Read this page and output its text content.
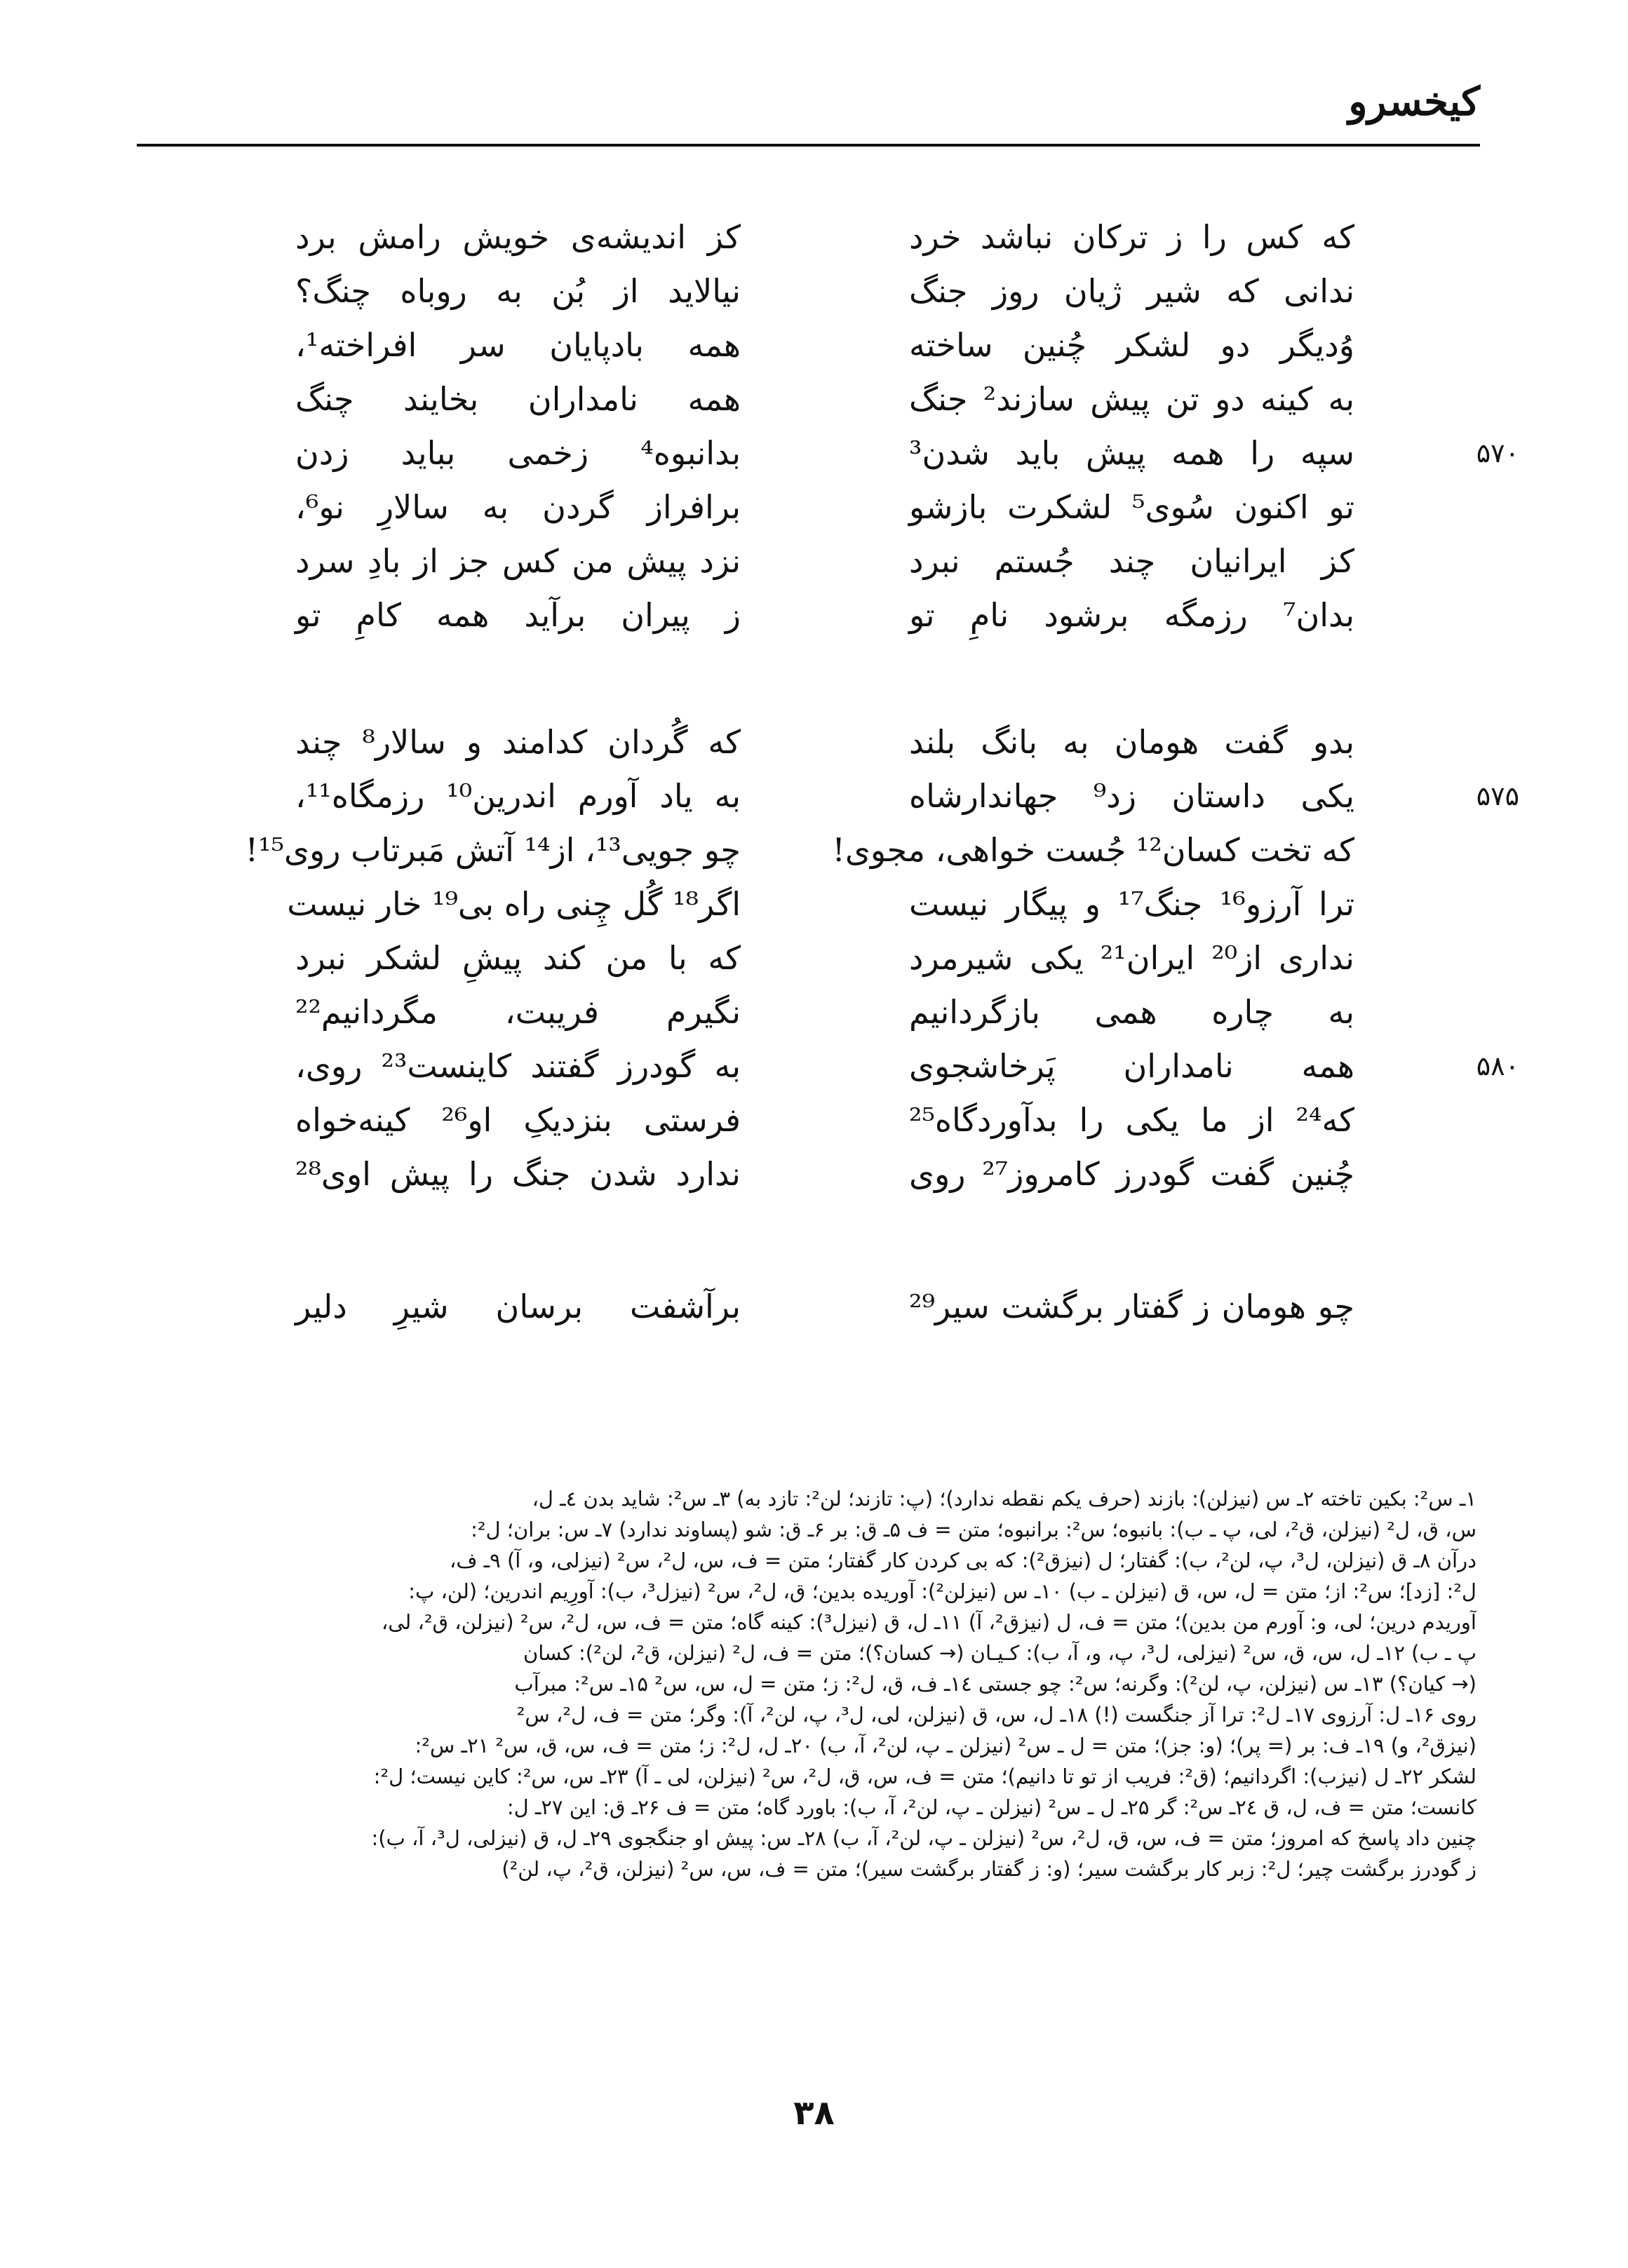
کیخسرو
که کس را ز ترکان نباشد خرد
کز اندیشه‌ی خویش رامش برد
ندانی که شیر ژیان روز جنگ
نیالاید از بُن به روباه چنگ؟
وُدیگر دو لشکر چُنین ساخته
همه بادپایان سر افراخته¹،
به کینه دو تن پیش سازند² جنگ
همه نامداران بخایند چنگ
۵۷۰
سپه را همه پیش باید شدن³
بدانبوه⁴ زخمی بباید زدن
تو اکنون سُوی⁵ لشکرت بازشو
برافراز گردن به سالارِ نو⁶،
کز ایرانیان چند جُستم نبرد
نزد پیش من کس جز از بادِ سرد
بدان⁷ رزمگه برشود نامِ تو
ز پیران برآید همه کامِ تو
بدو گفت هومان به بانگ بلند
که گُردان کدامند و سالار⁸ چند
۵۷۵
یکی داستان زد⁹ جهاندارشاه
به یاد آورم اندرین¹⁰ رزمگاه¹¹،
که تخت کسان¹² جُست خواهی، مجوی!
چو جویی¹³، از¹⁴ آتش مَبرتاب روی¹⁵!
ترا آرزو¹⁶ جنگ¹⁷ و پیگار نیست
اگر¹⁸ گُل چِنی راه بی¹⁹ خار نیست
نداری از²⁰ ایران²¹ یکی شیرمرد
که با من کند پیشِ لشکر نبرد
به چاره همی بازگردانیم
نگیرم فریبت، مگردانیم²²
۵۸۰
همه نامداران پَرخاشجوی
به گودرز گفتند کاینست²³ روی،
که²⁴ از ما یکی را بدآوردگاه²⁵
فرستی بنزدیکِ او²⁶ کینه‌خواه
چُنین گفت گودرز کامروز²⁷ روی
ندارد شدن جنگ را پیش اوی²⁸
چو هومان ز گفتار برگشت سیر²⁹
برآشفت برسان شیرِ دلیر
۱ـ س²: بکین تاخته ۲ـ س (نیزلن): بازند (حرف یکم نقطه ندارد)؛ (پ: تازند؛ لن²: تازد به) ۳ـ س²: شاید بدن ٤ـ ل،
س، ق، ل² (نیزلن، ق²، لی، پ ـ ب): بانبوه؛ س²: برانبوه؛ متن = ف ۵ـ ق: بر ۶ـ ق: شو (پساوند ندارد) ۷ـ س: بران؛ ل²:
درآن ۸ـ ق (نیزلن، ل³، پ، لن²، ب): گفتار؛ ل (نیزق²): که بی کردن کار گفتار؛ متن = ف، س، ل²، س² (نیزلی، و، آ) ۹ـ ف،
ل²: [زد]؛ س²: از؛ متن = ل، س، ق (نیزلن ـ ب) ۱۰ـ س (نیزلن²): آوریده بدین؛ ق، ل²، س² (نیزل³، ب): آورِیم اندرین؛ (لن، پ:
آوریدم درین؛ لی، و: آورم من بدین)؛ متن = ف، ل (نیزق²، آ) ۱۱ـ ل، ق (نیزل³): کینه گاه؛ متن = ف، س، ل²، س² (نیزلن، ق²، لی،
پ ـ ب) ۱۲ـ ل، س، ق، س² (نیزلی، ل³، پ، و، آ، ب): کـیـان (→ کسان؟)؛ متن = ف، ل² (نیزلن، ق²، لن²): کسان
(→ کیان؟) ۱۳ـ س (نیزلن، پ، لن²): وگرنه؛ س²: چو جستی ۱٤ـ ف، ق، ل²: ز؛ متن = ل، س، س² ۱۵ـ س²: مبرآب
روی ۱۶ـ ل: آرزوی ۱۷ـ ل²: ترا آز جنگست (!) ۱۸ـ ل، س، ق (نیزلن، لی، ل³، پ، لن²، آ): وگر؛ متن = ف، ل²، س²
(نیزق²، و) ۱۹ـ ف: بر (= پر)؛ (و: جز)؛ متن = ل ـ س² (نیزلن ـ پ، لن²، آ، ب) ۲۰ـ ل، ل²: ز؛ متن = ف، س، ق، س² ۲۱ـ س²:
لشکر ۲۲ـ ل (نیزب): اگردانیم؛ (ق²: فریب از تو تا دانیم)؛ متن = ف، س، ق، ل²، س² (نیزلن، لی ـ آ) ۲۳ـ س، س²: کاین نیست؛ ل²:
کانست؛ متن = ف، ل، ق ۲٤ـ س²: گر ۲۵ـ ل ـ س² (نیزلن ـ پ، لن²، آ، ب): باورد گاه؛ متن = ف ۲۶ـ ق: این ۲۷ـ ل:
چنین داد پاسخ که امروز؛ متن = ف، س، ق، ل²، س² (نیزلن ـ پ، لن²، آ، ب) ۲۸ـ س: پیش او جنگجوی ۲۹ـ ل، ق (نیزلی، ل³، آ، ب):
ز گودرز برگشت چیر؛ ل²: زبر کار برگشت سیر؛ (و: ز گفتار برگشت سیر)؛ متن = ف، س، س² (نیزلن، ق²، پ، لن²)
۳۸
